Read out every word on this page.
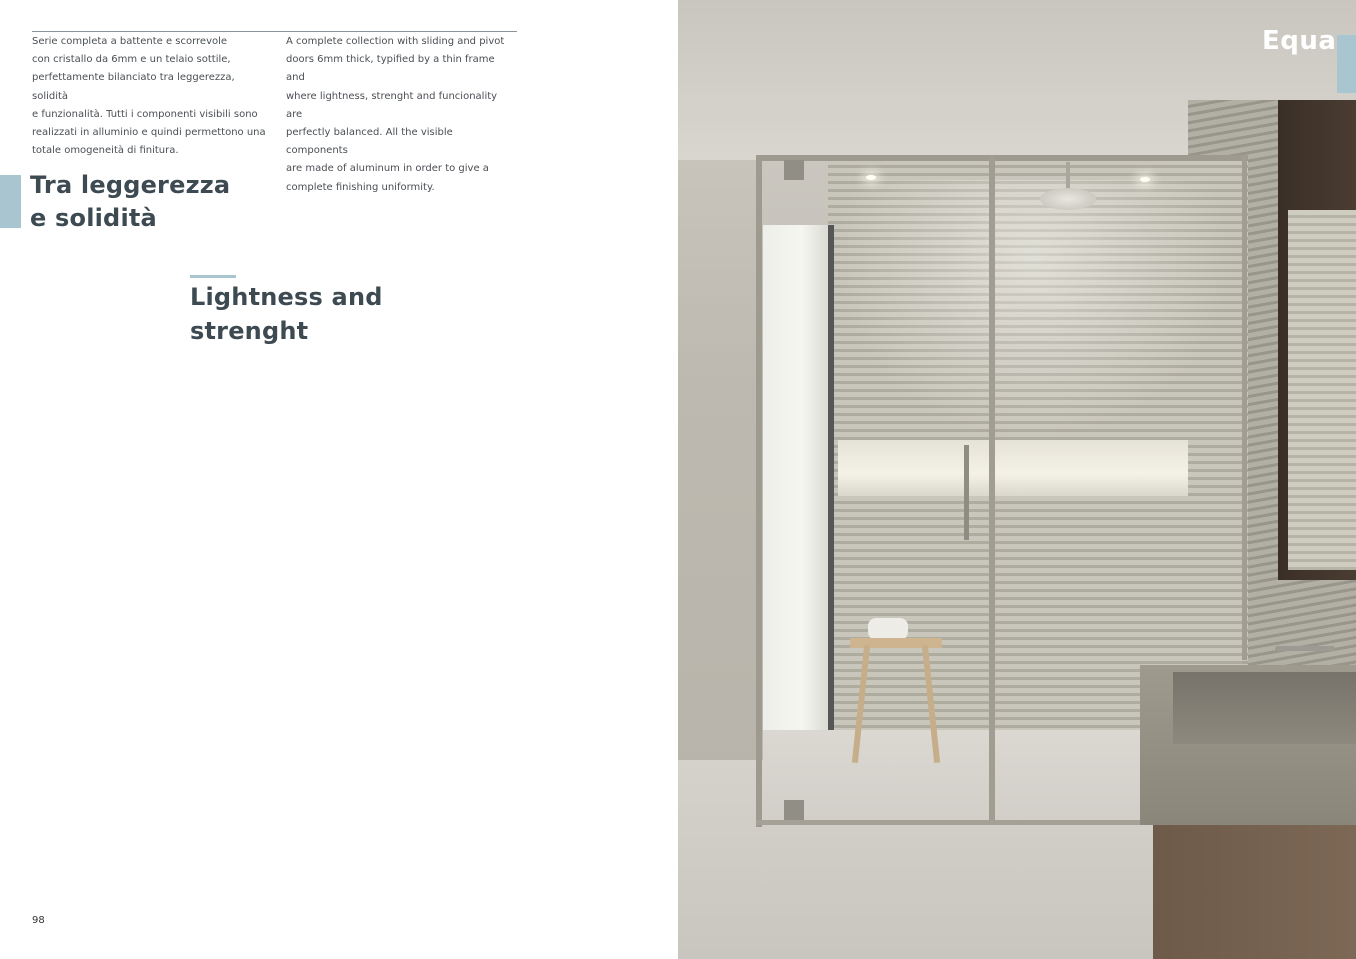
Serie completa a battente e scorrevole
con cristallo da 6mm e un telaio sottile,
perfettamente bilanciato tra leggerezza, solidità
e funzionalità. Tutti i componenti visibili sono
realizzati in alluminio e quindi permettono una
totale omogeneità di finitura.
A complete collection with sliding and pivot
doors 6mm thick, typified by a thin frame and
where lightness, strenght and funcionality are
perfectly balanced. All the visible components
are made of aluminum in order to give a
complete finishing uniformity.
Tra leggerezza
e solidità
Lightness and
strenght
98
Equa
